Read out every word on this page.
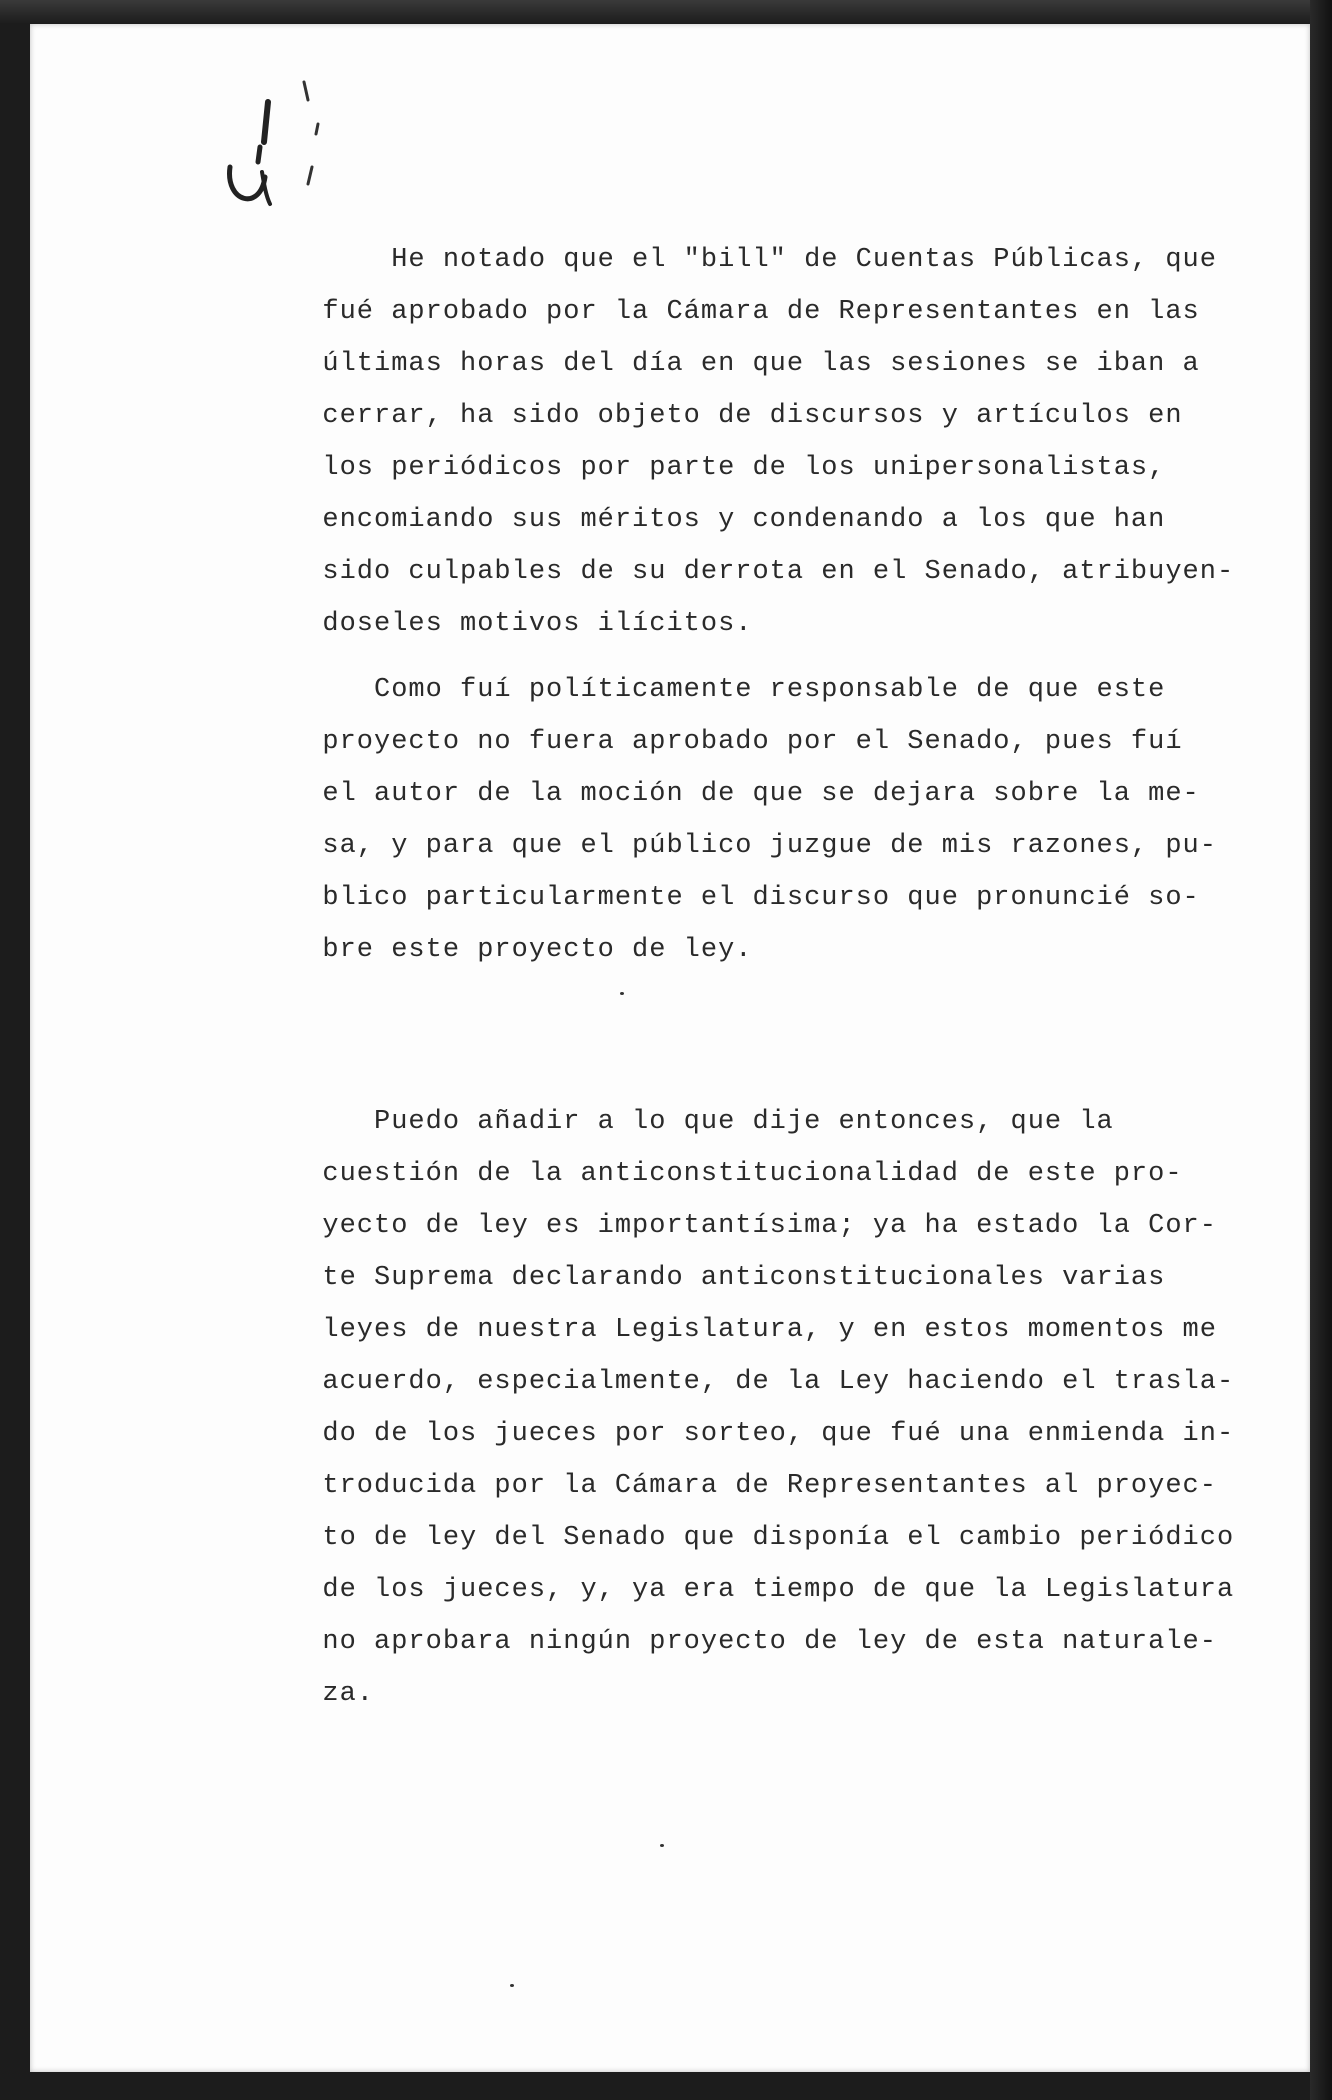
He notado que el "bill" de Cuentas Públicas, que
fué aprobado por la Cámara de Representantes en las
últimas horas del día en que las sesiones se iban a
cerrar, ha sido objeto de discursos y artículos en
los periódicos por parte de los unipersonalistas,
encomiando sus méritos y condenando a los que han
sido culpables de su derrota en el Senado, atribuyen-
doseles motivos ilícitos.
Como fuí políticamente responsable de que este
proyecto no fuera aprobado por el Senado, pues fuí
el autor de la moción de que se dejara sobre la me-
sa, y para que el público juzgue de mis razones, pu-
blico particularmente el discurso que pronuncié so-
bre este proyecto de ley.
Puedo añadir a lo que dije entonces, que la
cuestión de la anticonstitucionalidad de este pro-
yecto de ley es importantísima; ya ha estado la Cor-
te Suprema declarando anticonstitucionales varias
leyes de nuestra Legislatura, y en estos momentos me
acuerdo, especialmente, de la Ley haciendo el trasla-
do de los jueces por sorteo, que fué una enmienda in-
troducida por la Cámara de Representantes al proyec-
to de ley del Senado que disponía el cambio periódico
de los jueces, y, ya era tiempo de que la Legislatura
no aprobara ningún proyecto de ley de esta naturale-
za.
